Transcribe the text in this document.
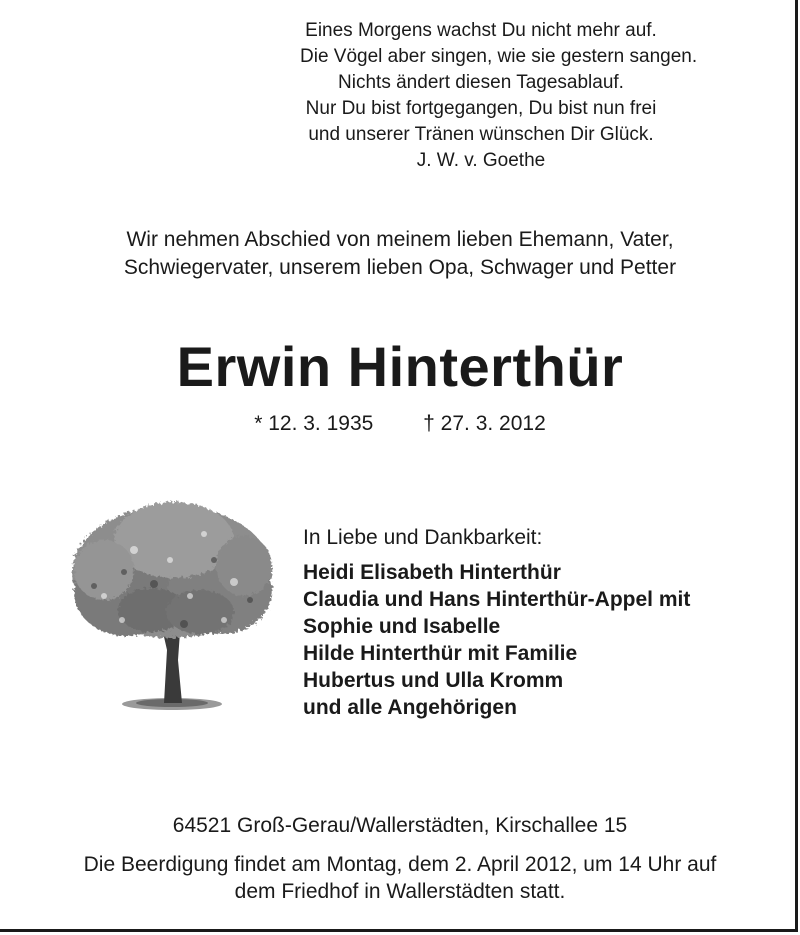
Eines Morgens wachst Du nicht mehr auf.
Die Vögel aber singen, wie sie gestern sangen.
Nichts ändert diesen Tagesablauf.
Nur Du bist fortgegangen, Du bist nun frei
und unserer Tränen wünschen Dir Glück.
J. W. v. Goethe
Wir nehmen Abschied von meinem lieben Ehemann, Vater,
Schwiegervater, unserem lieben Opa, Schwager und Petter
Erwin Hinterthür
* 12. 3. 1935 † 27. 3. 2012
In Liebe und Dankbarkeit:
Heidi Elisabeth Hinterthür
Claudia und Hans Hinterthür-Appel mit
Sophie und Isabelle
Hilde Hinterthür mit Familie
Hubertus und Ulla Kromm
und alle Angehörigen
64521 Groß-Gerau/Wallerstädten, Kirschallee 15
Die Beerdigung findet am Montag, dem 2. April 2012, um 14 Uhr auf
dem Friedhof in Wallerstädten statt.
